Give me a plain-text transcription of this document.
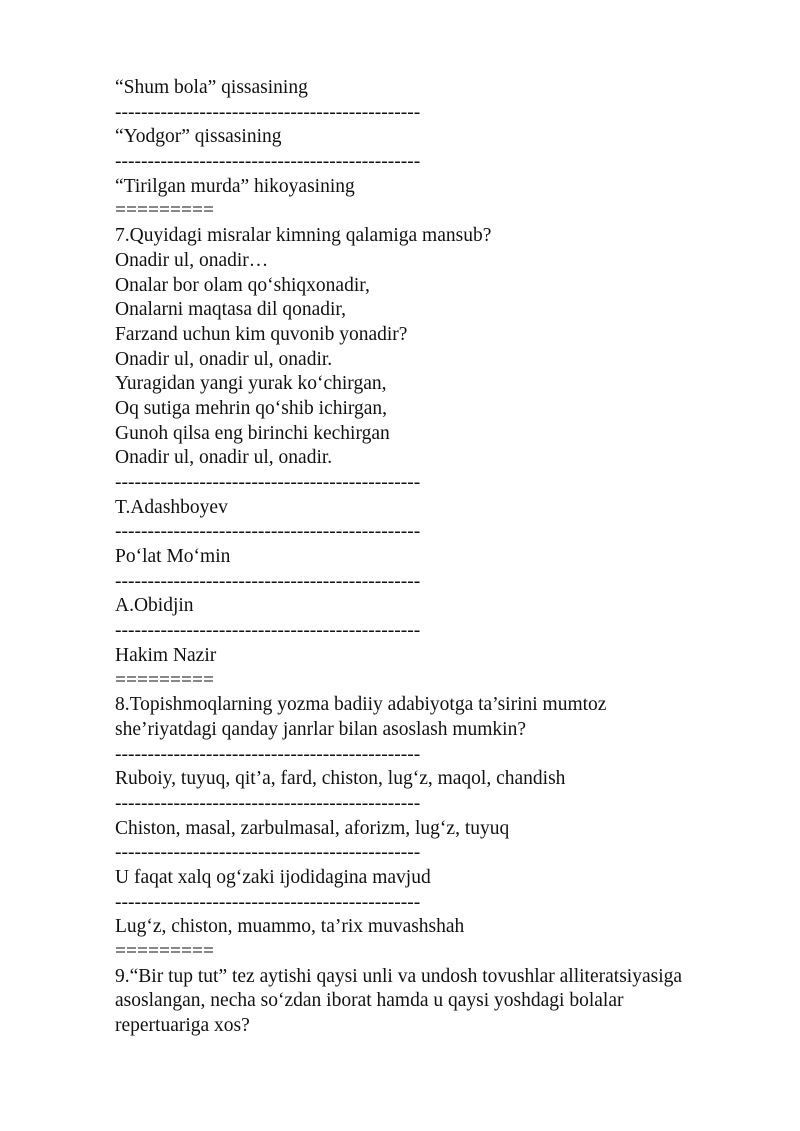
“Shum bola” qissasining
-----------------------------------------------
“Yodgor” qissasining
-----------------------------------------------
“Tirilgan murda” hikoyasining
=========
7.Quyidagi misralar kimning qalamiga mansub?
Onadir ul, onadir…
Onalar bor olam qo‘shiqxonadir,
Onalarni maqtasa dil qonadir,
Farzand uchun kim quvonib yonadir?
Onadir ul, onadir ul, onadir.
Yuragidan yangi yurak ko‘chirgan,
Oq sutiga mehrin qo‘shib ichirgan,
Gunoh qilsa eng birinchi kechirgan
Onadir ul, onadir ul, onadir.
-----------------------------------------------
T.Adashboyev
-----------------------------------------------
Po‘lat Mo‘min
-----------------------------------------------
A.Obidjin
-----------------------------------------------
Hakim Nazir
=========
8.Topishmoqlarning yozma badiiy adabiyotga ta’sirini mumtoz
she’riyatdagi qanday janrlar bilan asoslash mumkin?
-----------------------------------------------
Ruboiy, tuyuq, qit’a, fard, chiston, lug‘z, maqol, chandish
-----------------------------------------------
Chiston, masal, zarbulmasal, aforizm, lug‘z, tuyuq
-----------------------------------------------
U faqat xalq og‘zaki ijodidagina mavjud
-----------------------------------------------
Lug‘z, chiston, muammo, ta’rix muvashshah
=========
9.“Bir tup tut” tez aytishi qaysi unli va undosh tovushlar alliteratsiyasiga
asoslangan, necha so‘zdan iborat hamda u qaysi yoshdagi bolalar
repertuariga xos?
